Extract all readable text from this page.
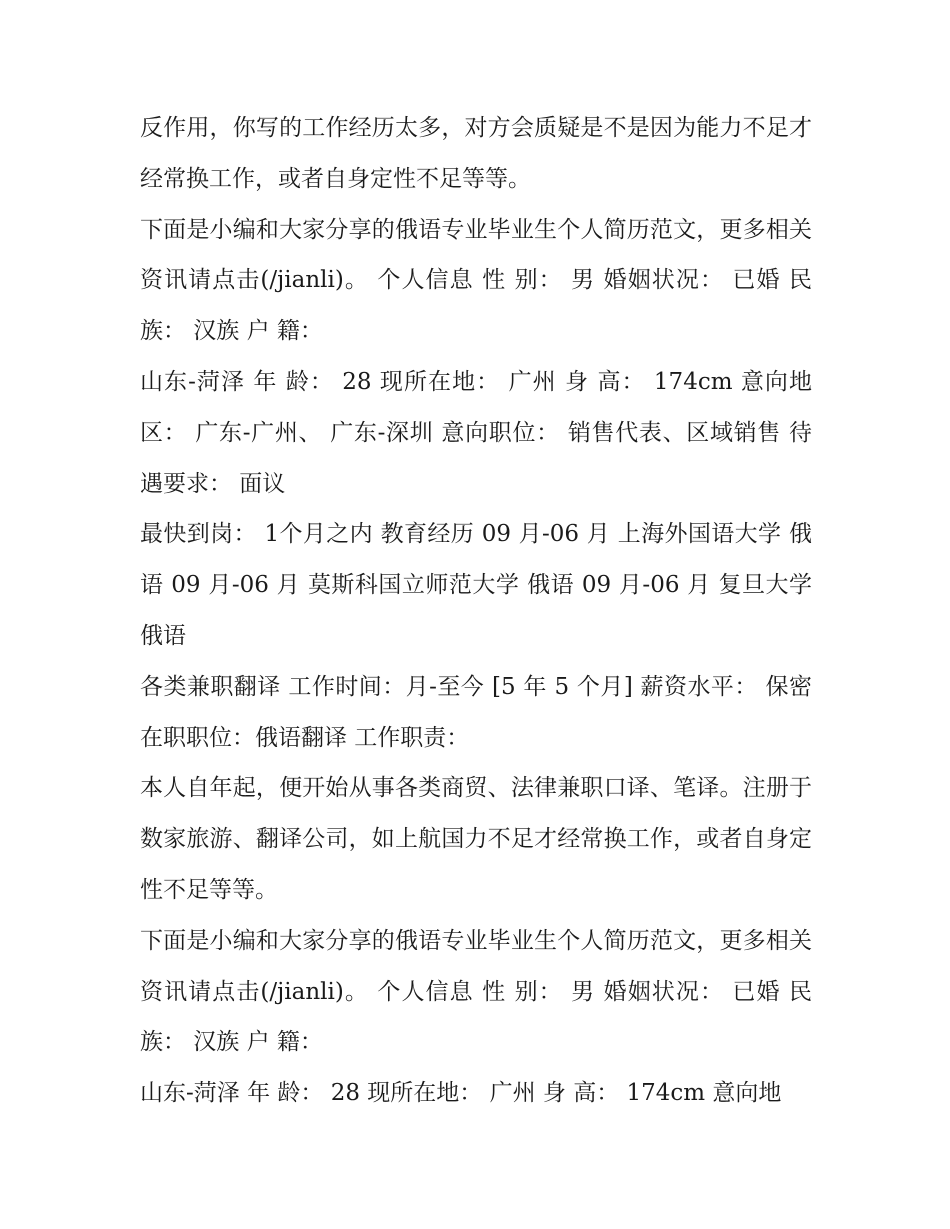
反作用，你写的工作经历太多，对方会质疑是不是因为能力不足才经常换工作，或者自身定性不足等等。

下面是小编和大家分享的俄语专业毕业生个人简历范文，更多相关资讯请点击(/jianli)。 个人信息 性 别： 男 婚姻状况： 已婚 民 族： 汉族 户 籍：

山东-菏泽 年 龄： 28 现所在地： 广州 身 高： 174cm 意向地区： 广东-广州、 广东-深圳 意向职位： 销售代表、区域销售 待遇要求： 面议

最快到岗： 1个月之内 教育经历 09 月-06 月 上海外国语大学 俄语 09 月-06 月 莫斯科国立师范大学 俄语 09 月-06 月 复旦大学 俄语

各类兼职翻译 工作时间：月-至今 [5 年 5 个月] 薪资水平： 保密 在职职位：俄语翻译 工作职责：

本人自年起，便开始从事各类商贸、法律兼职口译、笔译。注册于数家旅游、翻译公司，如上航国力不足才经常换工作，或者自身定性不足等等。

下面是小编和大家分享的俄语专业毕业生个人简历范文，更多相关资讯请点击(/jianli)。 个人信息 性 别： 男 婚姻状况： 已婚 民 族： 汉族 户 籍：

山东-菏泽 年 龄： 28 现所在地： 广州 身 高： 174cm 意向地
